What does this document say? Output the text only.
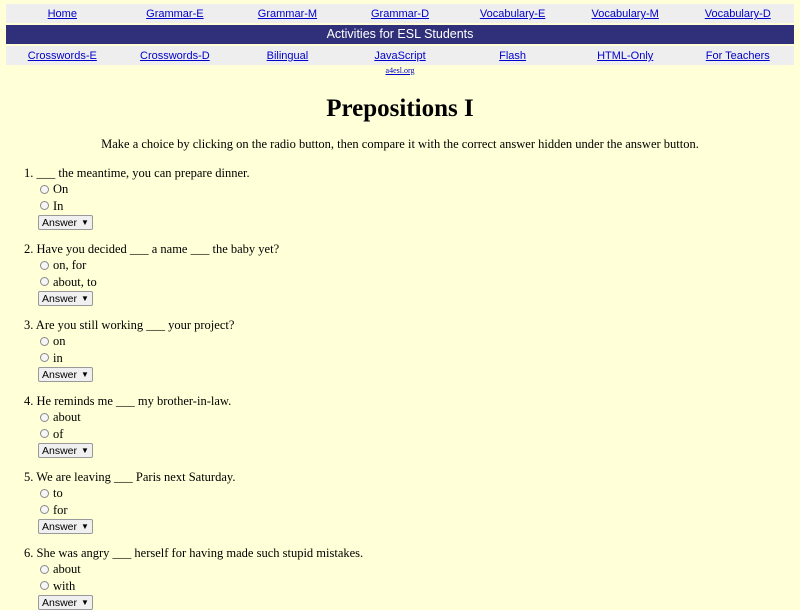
Home	Grammar-E	Grammar-M	Grammar-D	Vocabulary-E	Vocabulary-M	Vocabulary-D
Activities for ESL Students
Crosswords-E	Crosswords-D	Bilingual	JavaScript	Flash	HTML-Only	For Teachers
a4esl.org
Prepositions I
Make a choice by clicking on the radio button, then compare it with the correct answer hidden under the answer button.
1. ___ the meantime, you can prepare dinner.
On
In
Answer ▼
2. Have you decided ___ a name ___ the baby yet?
on, for
about, to
Answer ▼
3. Are you still working ___ your project?
on
in
Answer ▼
4. He reminds me ___ my brother-in-law.
about
of
Answer ▼
5. We are leaving ___ Paris next Saturday.
to
for
Answer ▼
6. She was angry ___ herself for having made such stupid mistakes.
about
with
Answer ▼
